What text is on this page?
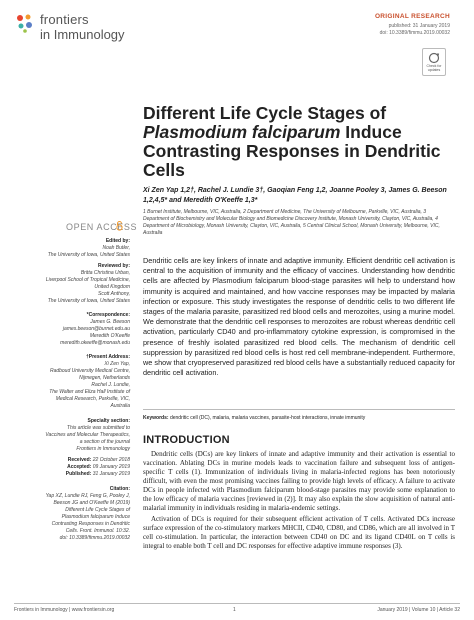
frontiers
in Immunology
ORIGINAL RESEARCH
published: 31 January 2019
doi: 10.3389/fimmu.2019.00032
Check for updates
Different Life Cycle Stages of
Plasmodium falciparum Induce
Contrasting Responses in Dendritic
Cells
Xi Zen Yap 1,2†, Rachel J. Lundie 3†, Gaoqian Feng 1,2, Joanne Pooley 3, James G. Beeson 1,2,4,5* and Meredith O'Keeffe 1,3*
1 Burnet Institute, Melbourne, VIC, Australia, 2 Department of Medicine, The University of Melbourne, Parkville, VIC, Australia, 3 Department of Biochemistry and Molecular Biology and Biomedicine Discovery Institute, Monash University, Clayton, VIC, Australia, 4 Department of Microbiology, Monash University, Clayton, VIC, Australia, 5 Central Clinical School, Monash University, Melbourne, VIC, Australia
OPEN ACCESS
Edited by:
Noah Butler,
The University of Iowa, United States
Reviewed by:
Britta Christina Urban,
Liverpool School of Tropical Medicine,
United Kingdom
Scott Anthony,
The University of Iowa, United States
*Correspondence:
James G. Beeson
james.beeson@burnet.edu.au
Meredith O'Keeffe
meredith.okeeffe@monash.edu
†Present Address:
Xi Zen Yap,
Radboud University Medical Centre,
Nijmegen, Netherlands
Rachel J. Lundie,
The Walter and Eliza Hall Institute of
Medical Research, Parkville, VIC,
Australia
Specialty section:
This article was submitted to
Vaccines and Molecular Therapeutics,
a section of the journal
Frontiers in Immunology
Received: 22 October 2018
Accepted: 09 January 2019
Published: 31 January 2019
Citation:
Yap XZ, Lundie RJ, Feng G, Pooley J,
Beeson JG and O'Keeffe M (2019)
Different Life Cycle Stages of
Plasmodium falciparum Induce
Contrasting Responses in Dendritic
Cells. Front. Immunol. 10:32.
doi: 10.3389/fimmu.2019.00032
Dendritic cells are key linkers of innate and adaptive immunity. Efficient dendritic cell activation is central to the acquisition of immunity and the efficacy of vaccines. Understanding how dendritic cells are affected by Plasmodium falciparum blood-stage parasites will help to understand how immunity is acquired and maintained, and how vaccine responses may be impacted by malaria infection or exposure. This study investigates the response of dendritic cells to two different life stages of the malaria parasite, parasitized red blood cells and merozoites, using a murine model. We demonstrate that the dendritic cell responses to merozoites are robust whereas dendritic cell activation, particularly CD40 and pro-inflammatory cytokine expression, is compromised in the presence of freshly isolated parasitized red blood cells. The mechanism of dendritic cell suppression by parasitized red blood cells is host red cell membrane-independent. Furthermore, we show that cryopreserved parasitized red blood cells have a substantially reduced capacity for dendritic cell activation.
Keywords: dendritic cell (DC), malaria, malaria vaccines, parasite-host interactions, innate immunity
INTRODUCTION

Dendritic cells (DCs) are key linkers of innate and adaptive immunity and their activation is essential to vaccination. Ablating DCs in murine models leads to vaccination failure and subsequent loss of antigen-specific T cells (1). Immunization of individuals living in malaria-infected regions has been notoriously difficult, with even the most promising vaccines failing to provide high levels of efficacy. A failure to activate DCs in people infected with Plasmodium falciparum blood-stage parasites may provide some explanation to the low efficacy of malaria vaccines [reviewed in (2)]. It may also explain the slow acquisition of natural anti-malarial immunity in individuals residing in malaria-endemic settings.

Activation of DCs is required for their subsequent efficient activation of T cells. Activated DCs increase surface expression of the co-stimulatory markers MHCII, CD40, CD80, and CD86, which are all involved in T cell co-stimulation. In particular, the interaction between CD40 on DC and its ligand CD40L on T cells is integral to enable both T cell and DC responses for effective adaptive immune responses (3).

Frontiers in Immunology | www.frontiersin.org	1	January 2019 | Volume 10 | Article 32
